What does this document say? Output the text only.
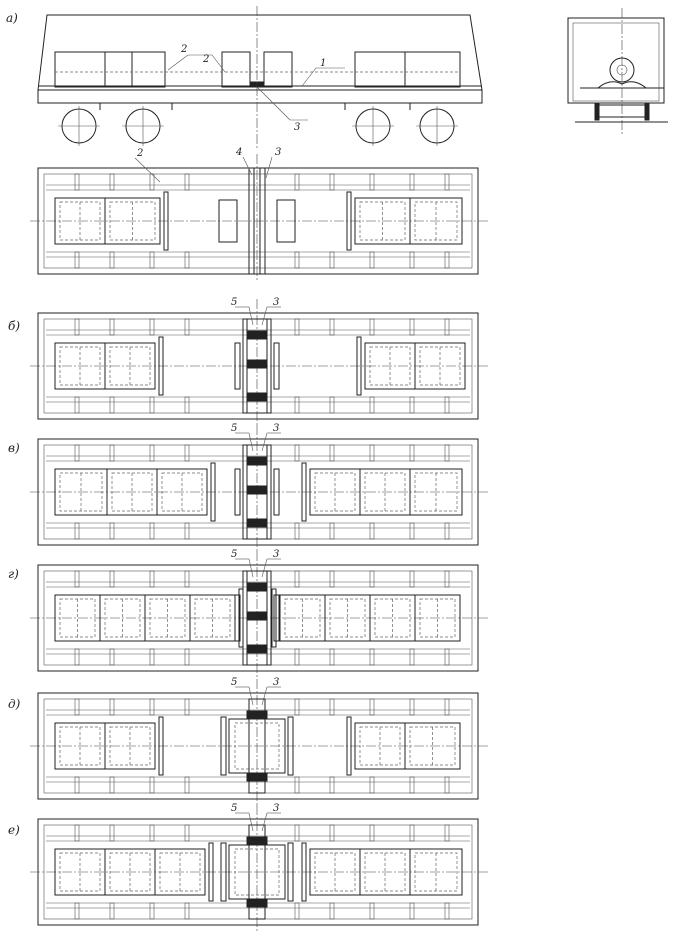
а)
1
2
2
3
2	4	3
б)
5	3
в)
5	3
г)
5	3
д)
5	3
е)
5	3
